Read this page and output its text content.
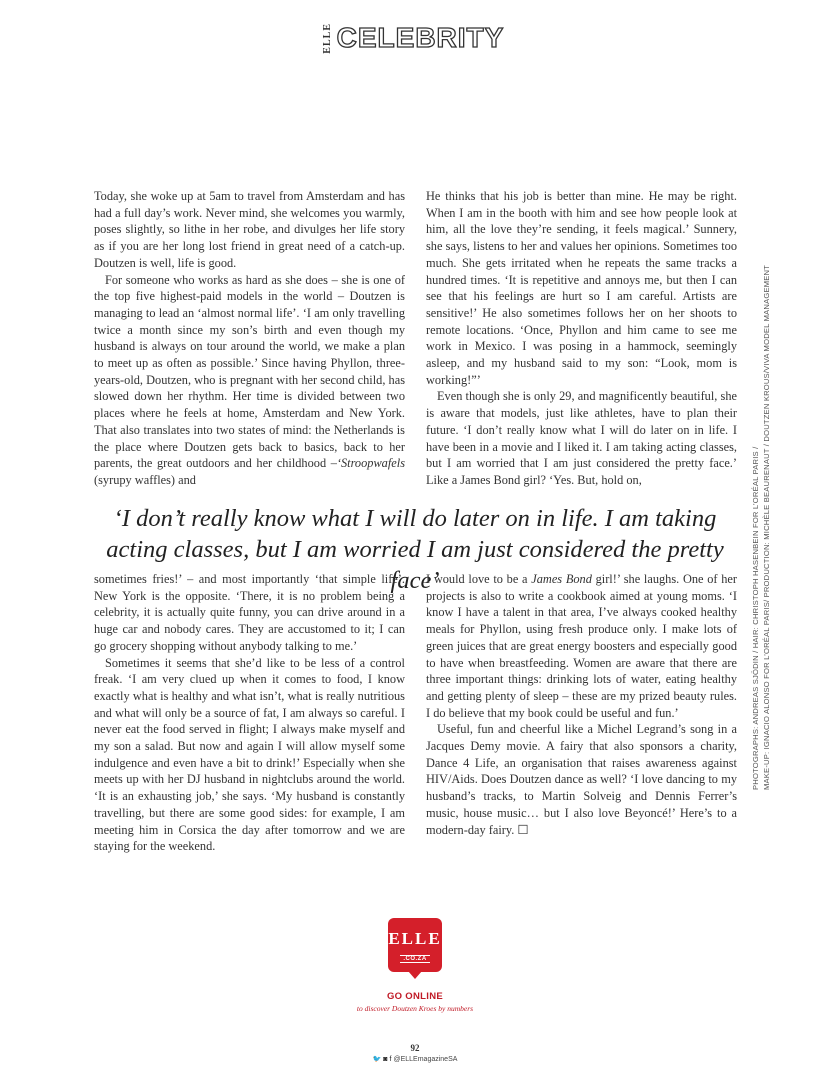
ELLE CELEBRITY

Today, she woke up at 5am to travel from Amsterdam and has had a full day’s work. Never mind, she welcomes you warmly, poses slightly, so lithe in her robe, and divulges her life story as if you are her long lost friend in great need of a catch-up. Doutzen is well, life is good.

For someone who works as hard as she does – she is one of the top five highest-paid models in the world – Doutzen is managing to lead an ‘almost normal life’. ‘I am only travelling twice a month since my son’s birth and even though my husband is always on tour around the world, we make a plan to meet up as often as possible.’ Since having Phyllon, three-years-old, Doutzen, who is pregnant with her second child, has slowed down her rhythm. Her time is divided between two places where he feels at home, Amsterdam and New York. That also translates into two states of mind: the Netherlands is the place where Doutzen gets back to basics, back to her parents, the great outdoors and her childhood –‘Stroopwafels (syrupy waffles) and

He thinks that his job is better than mine. He may be right. When I am in the booth with him and see how people look at him, all the love they’re sending, it feels magical.’ Sunnery, she says, listens to her and values her opinions. Sometimes too much. She gets irritated when he repeats the same tracks a hundred times. ‘It is repetitive and annoys me, but then I can see that his feelings are hurt so I am careful. Artists are sensitive!’ He also sometimes follows her on her shoots to remote locations. ‘Once, Phyllon and him came to see me work in Mexico. I was posing in a hammock, seemingly asleep, and my husband said to my son: “Look, mom is working!”’

Even though she is only 29, and magnificently beautiful, she is aware that models, just like athletes, have to plan their future. ‘I don’t really know what I will do later on in life. I have been in a movie and I liked it. I am taking acting classes, but I am worried that I am just considered the pretty face.’ Like a James Bond girl? ‘Yes. But, hold on,

‘I don’t really know what I will do later on in life. I am taking acting classes, but I am worried I am just considered the pretty face’

sometimes fries!’ – and most importantly ‘that simple life’. New York is the opposite. ‘There, it is no problem being a celebrity, it is actually quite funny, you can drive around in a huge car and nobody cares. They are accustomed to it; I can go grocery shopping without anybody talking to me.’

Sometimes it seems that she’d like to be less of a control freak. ‘I am very clued up when it comes to food, I know exactly what is healthy and what isn’t, what is really nutritious and what will only be a source of fat, I am always so careful. I never eat the food served in flight; I always make myself and my son a salad. But now and again I will allow myself some indulgence and even have a bit to drink!’ Especially when she meets up with her DJ husband in nightclubs around the world. ‘It is an exhausting job,’ she says. ‘My husband is constantly travelling, but there are some good sides: for example, I am meeting him in Corsica the day after tomorrow and we are staying for the weekend.

I would love to be a James Bond girl!’ she laughs. One of her projects is also to write a cookbook aimed at young moms. ‘I know I have a talent in that area, I’ve always cooked healthy meals for Phyllon, using fresh produce only. I make lots of green juices that are great energy boosters and especially good to have when breastfeeding. Women are aware that there are three important things: drinking lots of water, eating healthy and getting plenty of sleep – these are my prized beauty rules. I do believe that my book could be useful and fun.’

Useful, fun and cheerful like a Michel Legrand’s song in a Jacques Demy movie. A fairy that also sponsors a charity, Dance 4 Life, an organisation that raises awareness against HIV/Aids. Does Doutzen dance as well? ‘I love dancing to my husband’s tracks, to Martin Solveig and Dennis Ferrer’s music, house music… but I also love Beyoncé!’ Here’s to a modern-day fairy. ☐

PHOTOGRAPHS: ANDREAS SJÖDIN / HAIR: CHRISTOPH HASENBEIN FOR L’ORÉAL PARIS / MAKE-UP: IGNACIO ALONSO FOR L’ORÉAL PARIS/ PRODUCTION: MICHÈLE BEAURENAUT / DOUTZEN KROUS/VIVA MODEL MANAGEMENT
ELLE
.CO.ZA
GO ONLINE
to discover Doutzen Kroes by numbers
92
🐦 ◙ f @ELLEmagazineSA
